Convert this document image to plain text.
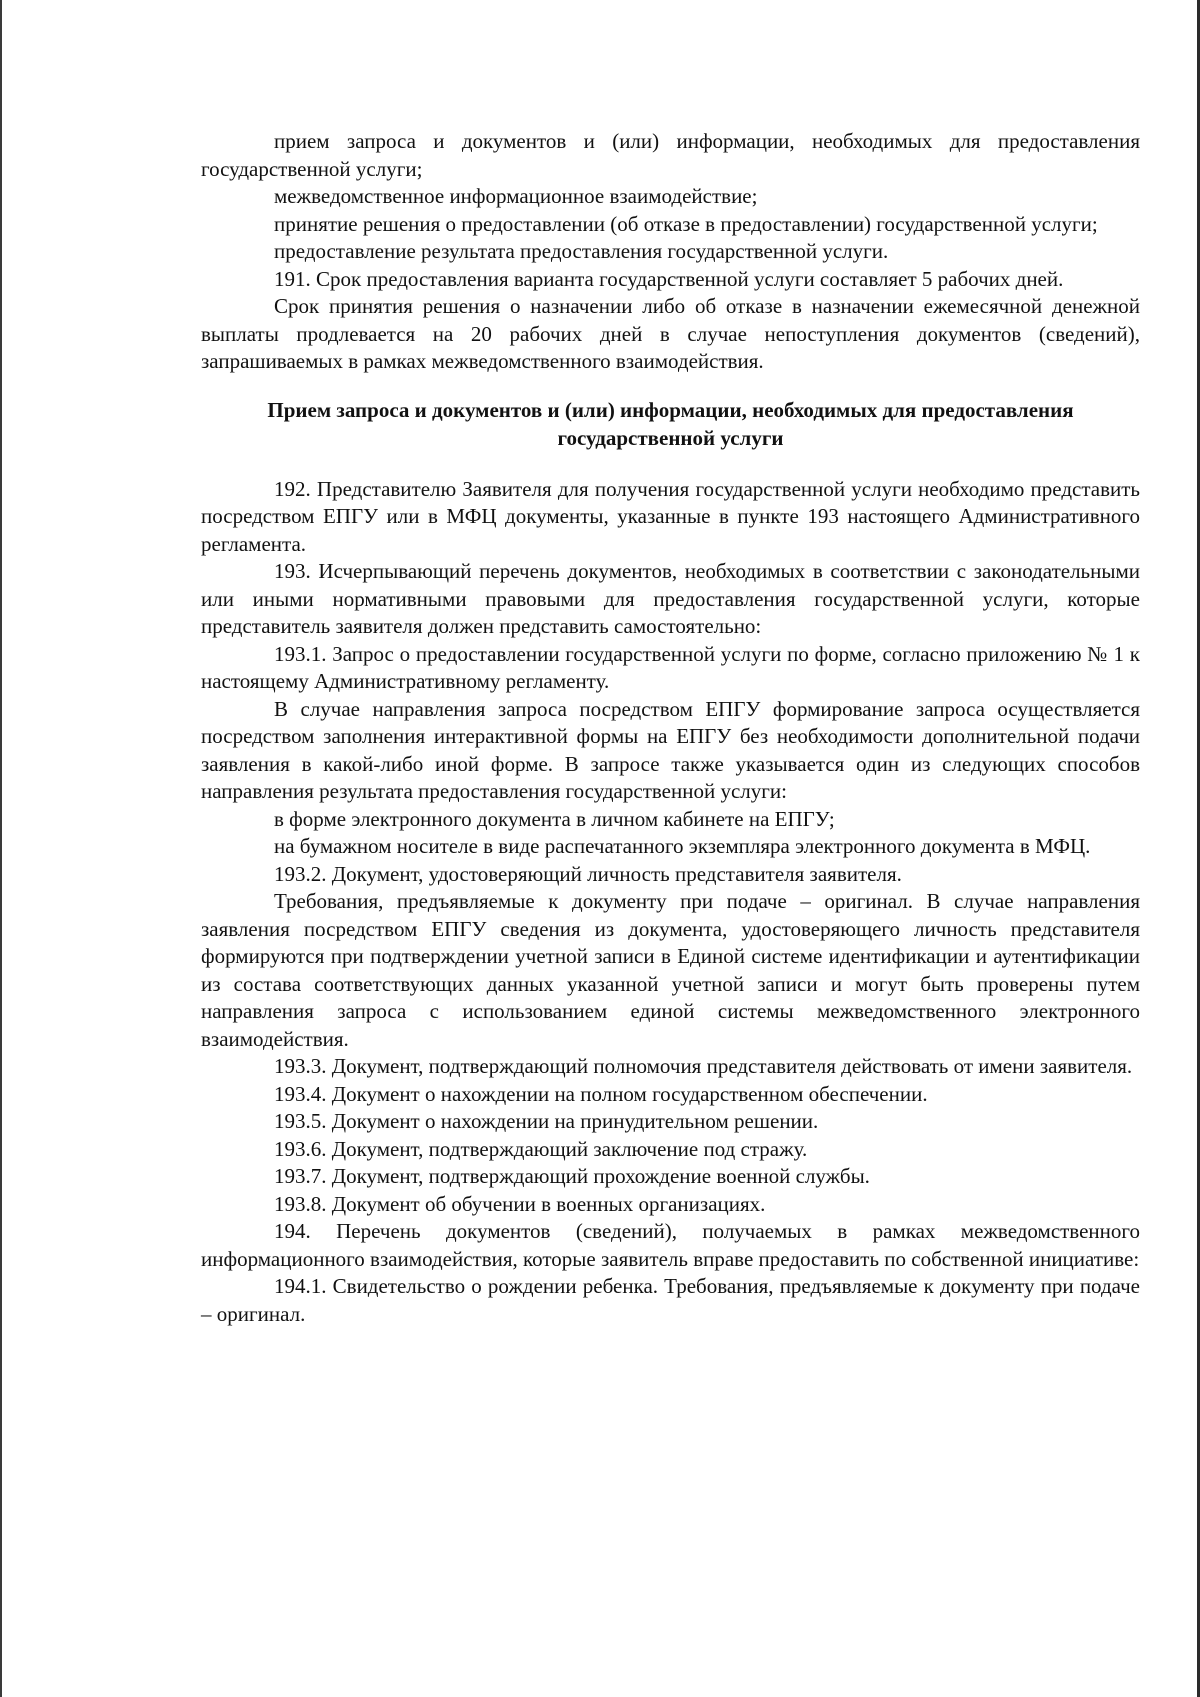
прием запроса и документов и (или) информации, необходимых для предоставления государственной услуги;

межведомственное информационное взаимодействие;

принятие решения о предоставлении (об отказе в предоставлении) государственной услуги;

предоставление результата предоставления государственной услуги.

191. Срок предоставления варианта государственной услуги составляет 5 рабочих дней.

Срок принятия решения о назначении либо об отказе в назначении ежемесячной денежной выплаты продлевается на 20 рабочих дней в случае непоступления документов (сведений), запрашиваемых в рамках межведомственного взаимодействия.

Прием запроса и документов и (или) информации, необходимых для предоставления государственной услуги

192. Представителю Заявителя для получения государственной услуги необходимо представить посредством ЕПГУ или в МФЦ документы, указанные в пункте 193 настоящего Административного регламента.

193. Исчерпывающий перечень документов, необходимых в соответствии с законодательными или иными нормативными правовыми для предоставления государственной услуги, которые представитель заявителя должен представить самостоятельно:

193.1. Запрос о предоставлении государственной услуги по форме, согласно приложению № 1 к настоящему Административному регламенту.

В случае направления запроса посредством ЕПГУ формирование запроса осуществляется посредством заполнения интерактивной формы на ЕПГУ без необходимости дополнительной подачи заявления в какой-либо иной форме. В запросе также указывается один из следующих способов направления результата предоставления государственной услуги:

в форме электронного документа в личном кабинете на ЕПГУ;

на бумажном носителе в виде распечатанного экземпляра электронного документа в МФЦ.

193.2. Документ, удостоверяющий личность представителя заявителя.

Требования, предъявляемые к документу при подаче – оригинал. В случае направления заявления посредством ЕПГУ сведения из документа, удостоверяющего личность представителя формируются при подтверждении учетной записи в Единой системе идентификации и аутентификации из состава соответствующих данных указанной учетной записи и могут быть проверены путем направления запроса с использованием единой системы межведомственного электронного взаимодействия.

193.3. Документ, подтверждающий полномочия представителя действовать от имени заявителя.

193.4. Документ о нахождении на полном государственном обеспечении.

193.5. Документ о нахождении на принудительном решении.

193.6. Документ, подтверждающий заключение под стражу.

193.7. Документ, подтверждающий прохождение военной службы.

193.8. Документ об обучении в военных организациях.

194. Перечень документов (сведений), получаемых в рамках межведомственного информационного взаимодействия, которые заявитель вправе предоставить по собственной инициативе:

194.1. Свидетельство о рождении ребенка. Требования, предъявляемые к документу при подаче – оригинал.
